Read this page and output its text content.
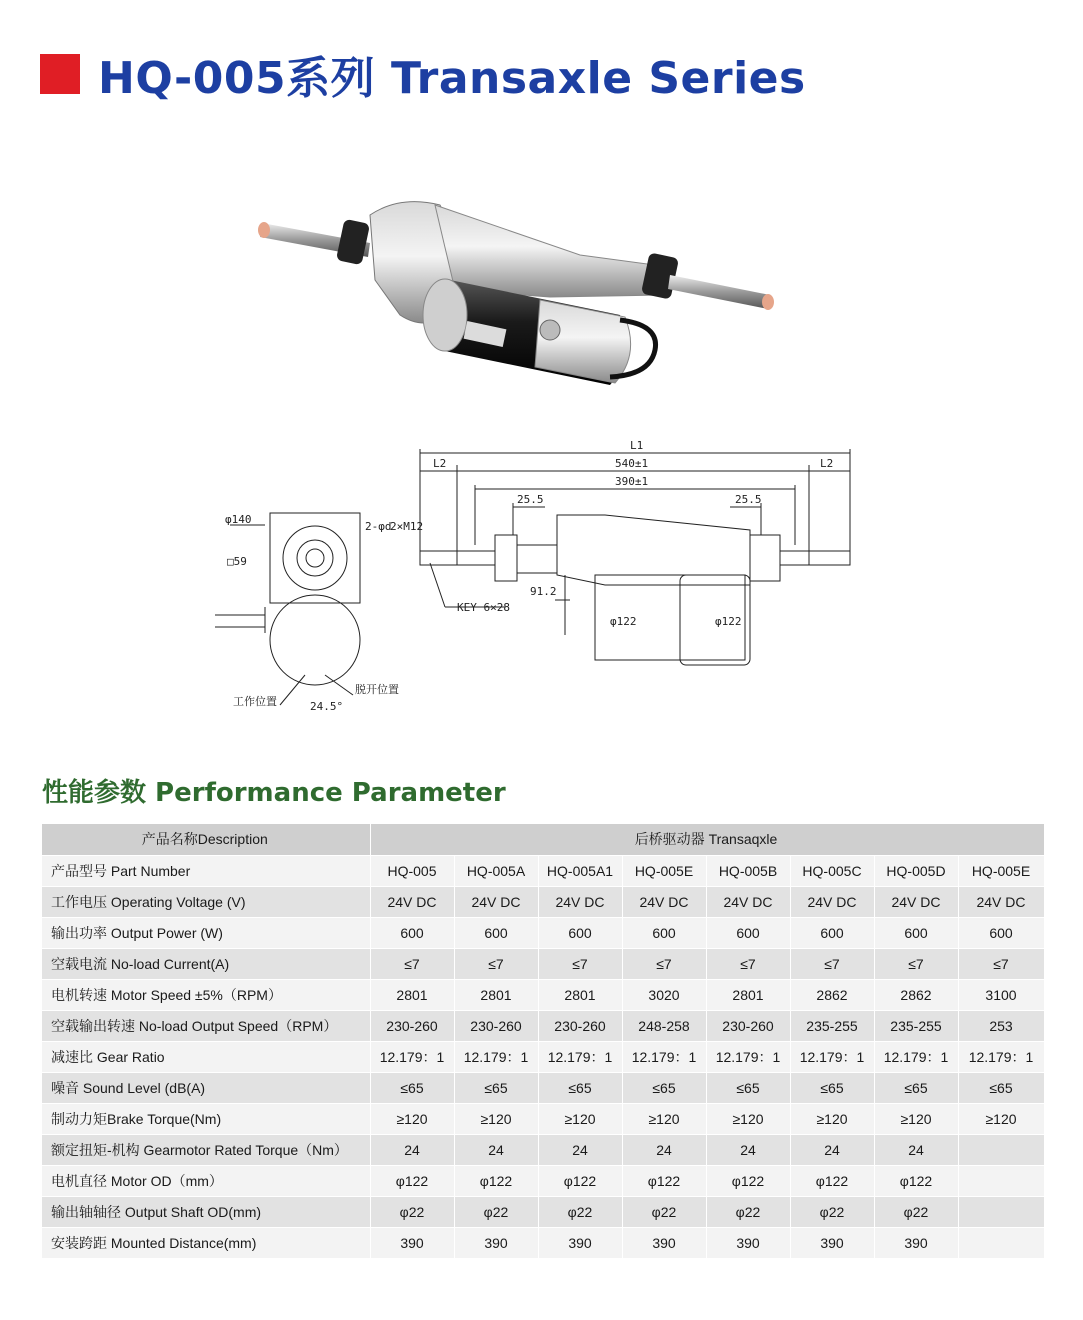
HQ-005系列 Transaxle Series
L1
L2	540±1	L2
390±1
25.5	25.5
φ140
□59
2-φd
2×M12
KEY 6×28
91.2
φ122	φ122
工作位置
脱开位置
24.5°
性能参数 Performance Parameter
产品名称Description	后桥驱动器 Transaqxle							
产品型号 Part Number	HQ-005	HQ-005A	HQ-005A1	HQ-005E	HQ-005B	HQ-005C	HQ-005D	HQ-005E
工作电压 Operating Voltage (V)	24V DC	24V DC	24V DC	24V DC	24V DC	24V DC	24V DC	24V DC
输出功率 Output Power (W)	600	600	600	600	600	600	600	600
空载电流 No-load Current(A)	≤7	≤7	≤7	≤7	≤7	≤7	≤7	≤7
电机转速 Motor Speed ±5%（RPM）	2801	2801	2801	3020	2801	2862	2862	3100
空载输出转速 No-load Output Speed（RPM）	230-260	230-260	230-260	248-258	230-260	235-255	235-255	253
减速比 Gear Ratio	12.179：1	12.179：1	12.179：1	12.179：1	12.179：1	12.179：1	12.179：1	12.179：1
噪音 Sound Level (dB(A)	≤65	≤65	≤65	≤65	≤65	≤65	≤65	≤65
制动力矩Brake Torque(Nm)	≥120	≥120	≥120	≥120	≥120	≥120	≥120	≥120
额定扭矩-机构 Gearmotor Rated Torque（Nm）	24	24	24	24	24	24	24	
电机直径 Motor OD（mm）	φ122	φ122	φ122	φ122	φ122	φ122	φ122	
输出轴轴径 Output Shaft OD(mm)	φ22	φ22	φ22	φ22	φ22	φ22	φ22	
安装跨距 Mounted Distance(mm)	390	390	390	390	390	390	390	
